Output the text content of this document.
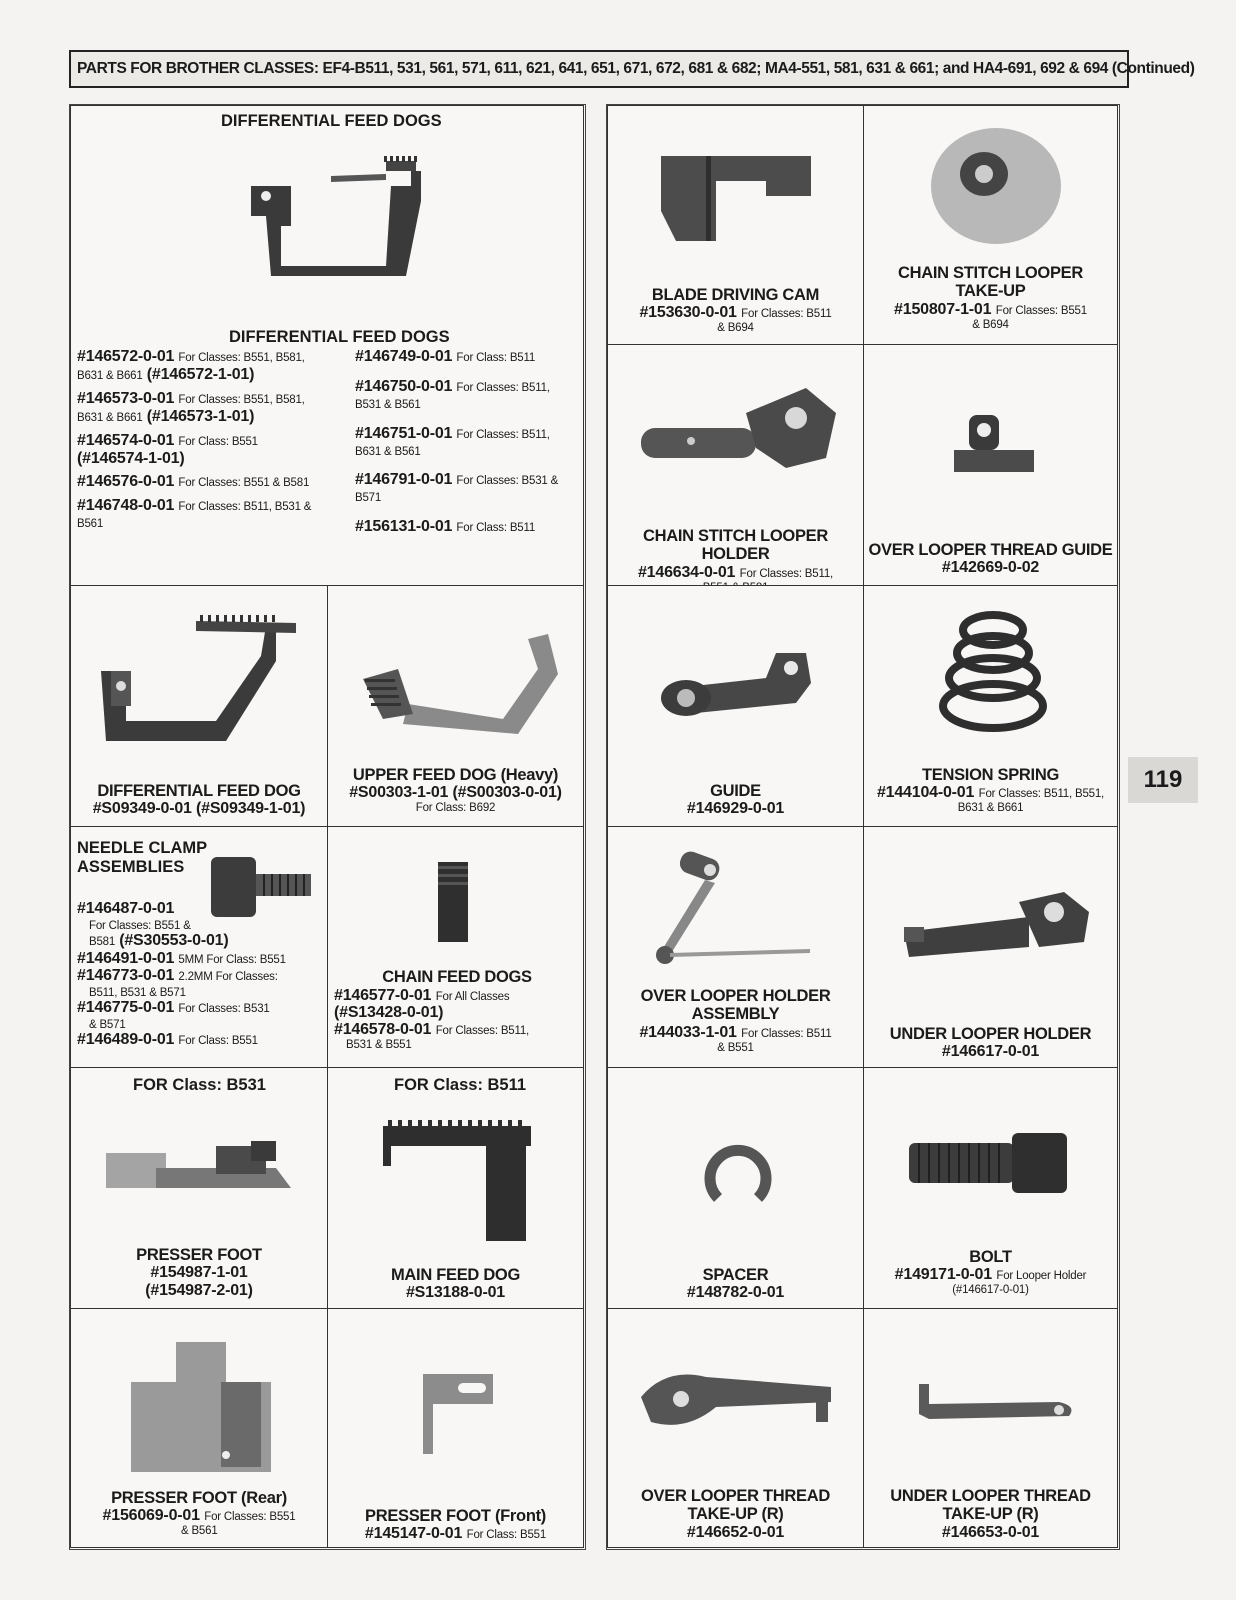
PARTS FOR BROTHER CLASSES: EF4-B511, 531, 561, 571, 611, 621, 641, 651, 671, 672, 681 & 682; MA4-551, 581, 631 & 661; and HA4-691, 692 & 694 (Continued)
DIFFERENTIAL FEED DOGS
DIFFERENTIAL FEED DOGS
#146572-0-01 For Classes: B551, B581, B631 & B661 (#146572-1-01)
#146573-0-01 For Classes: B551, B581, B631 & B661 (#146573-1-01)
#146574-0-01 For Class: B551 (#146574-1-01)
#146576-0-01 For Classes: B551 & B581
#146748-0-01 For Classes: B511, B531 & B561
#146749-0-01 For Class: B511
#146750-0-01 For Classes: B511, B531 & B561
#146751-0-01 For Classes: B511, B631 & B561
#146791-0-01 For Classes: B531 & B571
#156131-0-01 For Class: B511
DIFFERENTIAL FEED DOG
#S09349-0-01 (#S09349-1-01)
UPPER FEED DOG (Heavy)
#S00303-1-01 (#S00303-0-01)
For Class: B692
NEEDLE CLAMP
ASSEMBLIES
#146487-0-01
For Classes: B551 &
B581 (#S30553-0-01)
#146491-0-01 5MM For Class: B551
#146773-0-01 2.2MM For Classes:
B511, B531 & B571
#146775-0-01 For Classes: B531
& B571
#146489-0-01 For Class: B551
CHAIN FEED DOGS
#146577-0-01 For All Classes
(#S13428-0-01)
#146578-0-01 For Classes: B511,
B531 & B551
FOR Class: B531
PRESSER FOOT
#154987-1-01
(#154987-2-01)
FOR Class: B511
MAIN FEED DOG
#S13188-0-01
PRESSER FOOT (Rear)
#156069-0-01 For Classes: B551
& B561
PRESSER FOOT (Front)
#145147-0-01 For Class: B551
BLADE DRIVING CAM
#153630-0-01 For Classes: B511
& B694
CHAIN STITCH LOOPER
TAKE-UP
#150807-1-01 For Classes: B551
& B694
CHAIN STITCH LOOPER HOLDER
#146634-0-01 For Classes: B511,
OVER LOOPER THREAD GUIDE
#142669-0-02
GUIDE
#146929-0-01
TENSION SPRING
#144104-0-01 For Classes: B511, B551,
B631 & B661
OVER LOOPER HOLDER
ASSEMBLY
#144033-1-01 For Classes: B511
& B551
UNDER LOOPER HOLDER
#146617-0-01
SPACER
#148782-0-01
BOLT
#149171-0-01 For Looper Holder
(#146617-0-01)
OVER LOOPER THREAD
TAKE-UP (R)
#146652-0-01
UNDER LOOPER THREAD
TAKE-UP (R)
#146653-0-01
119
